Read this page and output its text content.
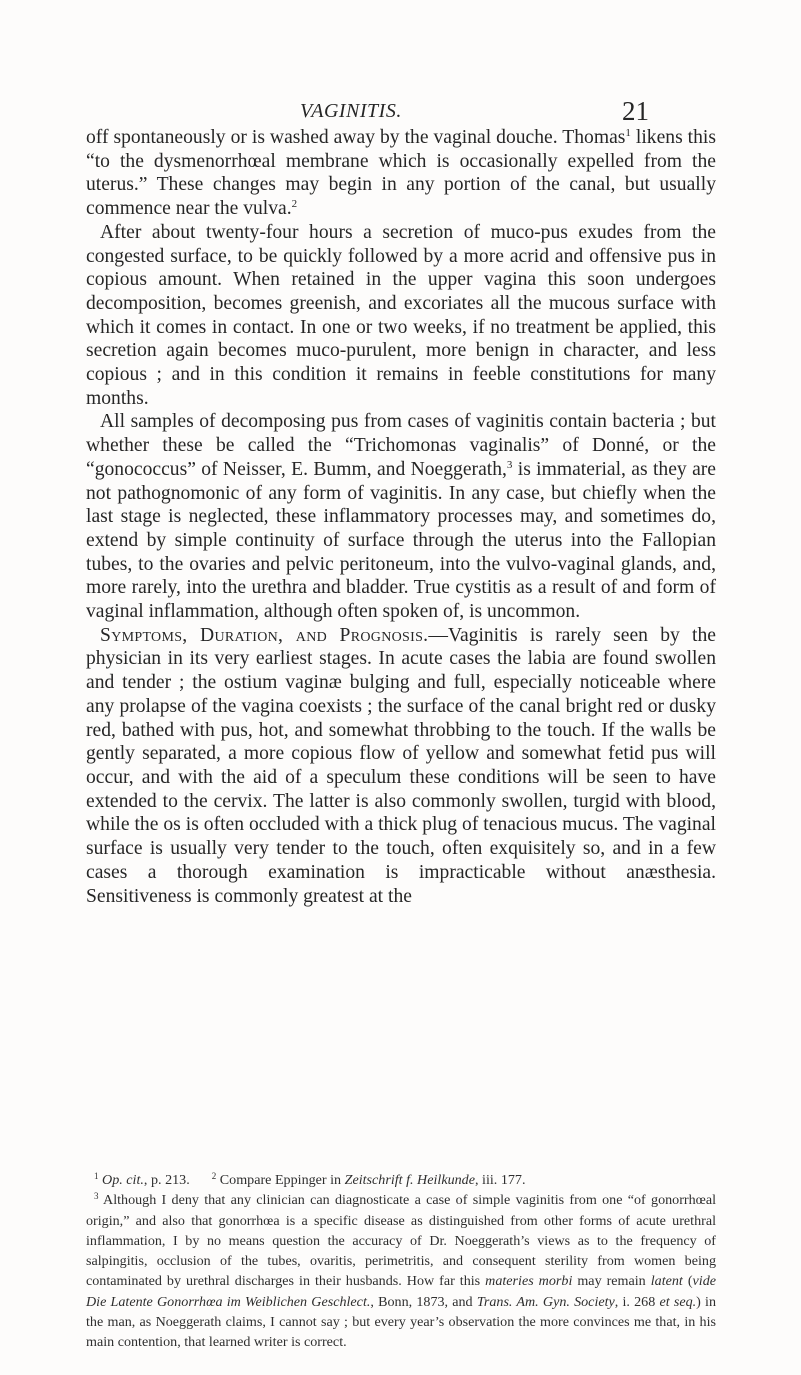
VAGINITIS.	21

off spontaneously or is washed away by the vaginal douche. Thomas$^1$ likens this “to the dysmenorrhœal membrane which is occasionally expelled from the uterus.” These changes may begin in any portion of the canal, but usually commence near the vulva.$^2$

After about twenty-four hours a secretion of muco-pus exudes from the congested surface, to be quickly followed by a more acrid and offensive pus in copious amount. When retained in the upper vagina this soon undergoes decomposition, becomes greenish, and excoriates all the mucous surface with which it comes in contact. In one or two weeks, if no treatment be applied, this secretion again becomes muco-purulent, more benign in character, and less copious ; and in this condition it remains in feeble constitutions for many months.

All samples of decomposing pus from cases of vaginitis contain bacteria ; but whether these be called the “Trichomonas vaginalis” of Donné, or the “gonococcus” of Neisser, E. Bumm, and Noeggerath,$^3$ is immaterial, as they are not pathognomonic of any form of vaginitis. In any case, but chiefly when the last stage is neglected, these inflammatory processes may, and sometimes do, extend by simple continuity of surface through the uterus into the Fallopian tubes, to the ovaries and pelvic peritoneum, into the vulvo-vaginal glands, and, more rarely, into the urethra and bladder. True cystitis as a result of and form of vaginal inflammation, although often spoken of, is uncommon.

Symptoms, Duration, and Prognosis.—Vaginitis is rarely seen by the physician in its very earliest stages. In acute cases the labia are found swollen and tender ; the ostium vaginæ bulging and full, especially noticeable where any prolapse of the vagina coexists ; the surface of the canal bright red or dusky red, bathed with pus, hot, and somewhat throbbing to the touch. If the walls be gently separated, a more copious flow of yellow and somewhat fetid pus will occur, and with the aid of a speculum these conditions will be seen to have extended to the cervix. The latter is also commonly swollen, turgid with blood, while the os is often occluded with a thick plug of tenacious mucus. The vaginal surface is usually very tender to the touch, often exquisitely so, and in a few cases a thorough examination is impracticable without anæsthesia. Sensitiveness is commonly greatest at the

$^1$ Op. cit., p. 213. $^2$ Compare Eppinger in Zeitschrift f. Heilkunde, iii. 177.

$^3$ Although I deny that any clinician can diagnosticate a case of simple vaginitis from one “of gonorrhœal origin,” and also that gonorrhœa is a specific disease as distinguished from other forms of acute urethral inflammation, I by no means question the accuracy of Dr. Noeggerath’s views as to the frequency of salpingitis, occlusion of the tubes, ovaritis, perimetritis, and consequent sterility from women being contaminated by urethral discharges in their husbands. How far this materies morbi may remain latent (vide Die Latente Gonorrhœa im Weiblichen Geschlect., Bonn, 1873, and Trans. Am. Gyn. Society, i. 268 et seq.) in the man, as Noeggerath claims, I cannot say ; but every year’s observation the more convinces me that, in his main contention, that learned writer is correct.
